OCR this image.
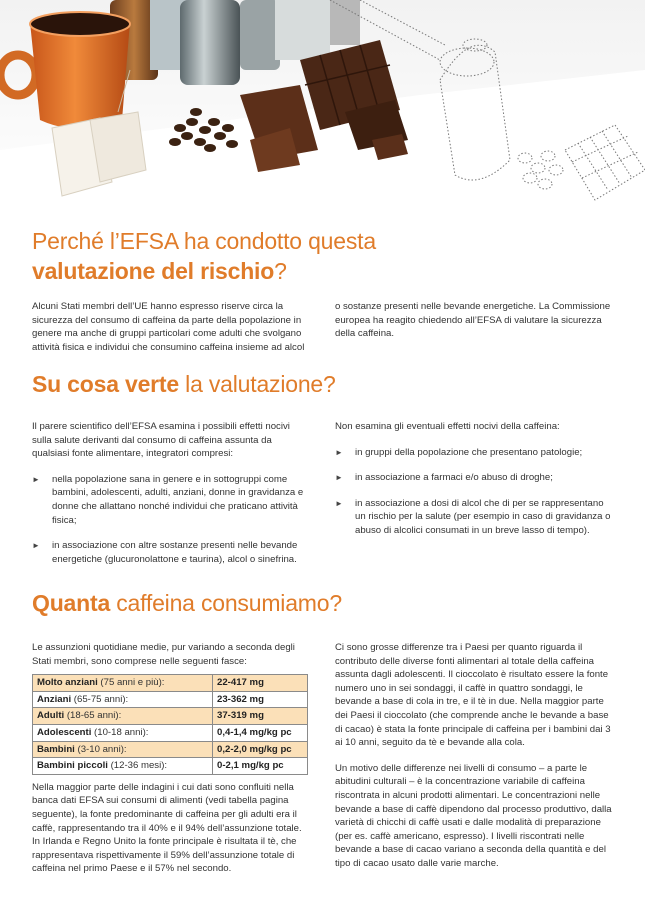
Perché l’EFSA ha condotto questa
valutazione del rischio?

Alcuni Stati membri dell’UE hanno espresso riserve circa la sicurezza del consumo di caffeina da parte della popolazione in genere ma anche di gruppi particolari come adulti che svolgano attività fisica e individui che consumino caffeina insieme ad alcol

o sostanze presenti nelle bevande energetiche. La Commissione europea ha reagito chiedendo all’EFSA di valutare la sicurezza della caffeina.

Su cosa verte la valutazione?

Il parere scientifico dell’EFSA esamina i possibili effetti nocivi sulla salute derivanti dal consumo di caffeina assunta da qualsiasi fonte alimentare, integratori compresi:

► nella popolazione sana in genere e in sottogruppi come bambini, adolescenti, adulti, anziani, donne in gravidanza e donne che allattano nonché individui che praticano attività fisica;
► in associazione con altre sostanze presenti nelle bevande energetiche (glucuronolattone e taurina), alcol o sinefrina.

Non esamina gli eventuali effetti nocivi della caffeina:

► in gruppi della popolazione che presentano patologie;
► in associazione a farmaci e/o abuso di droghe;
► in associazione a dosi di alcol che di per se rappresentano un rischio per la salute (per esempio in caso di gravidanza o abuso di alcolici consumati in un breve lasso di tempo).
Quanta caffeina consumiamo?

Le assunzioni quotidiane medie, pur variando a seconda degli Stati membri, sono comprese nelle seguenti fasce:

Molto anziani (75 anni e più):	22-417 mg
Anziani (65-75 anni):	23-362 mg
Adulti (18-65 anni):	37-319 mg
Adolescenti (10-18 anni):	0,4-1,4 mg/kg pc
Bambini (3-10 anni):	0,2-2,0 mg/kg pc
Bambini piccoli (12-36 mesi):	0-2,1 mg/kg pc

Nella maggior parte delle indagini i cui dati sono confluiti nella banca dati EFSA sui consumi di alimenti (vedi tabella pagina seguente), la fonte predominante di caffeina per gli adulti era il caffè, rappresentando tra il 40% e il 94% dell’assunzione totale. In Irlanda e Regno Unito la fonte principale è risultata il tè, che rappresentava rispettivamente il 59% dell’assunzione totale di caffeina nel primo Paese e il 57% nel secondo.

Ci sono grosse differenze tra i Paesi per quanto riguarda il contributo delle diverse fonti alimentari al totale della caffeina assunta dagli adolescenti. Il cioccolato è risultato essere la fonte numero uno in sei sondaggi, il caffè in quattro sondaggi, le bevande a base di cola in tre, e il tè in due. Nella maggior parte dei Paesi il cioccolato (che comprende anche le bevande a base di cacao) è stata la fonte principale di caffeina per i bambini dai 3 ai 10 anni, seguito da tè e bevande alla cola.

Un motivo delle differenze nei livelli di consumo – a parte le abitudini culturali – è la concentrazione variabile di caffeina riscontrata in alcuni prodotti alimentari. Le concentrazioni nelle bevande a base di caffè dipendono dal processo produttivo, dalla varietà di chicchi di caffè usati e dalle modalità di preparazione (per es. caffè americano, espresso). I livelli riscontrati nelle bevande a base di cacao variano a seconda della quantità e del tipo di cacao usato dalle varie marche.
